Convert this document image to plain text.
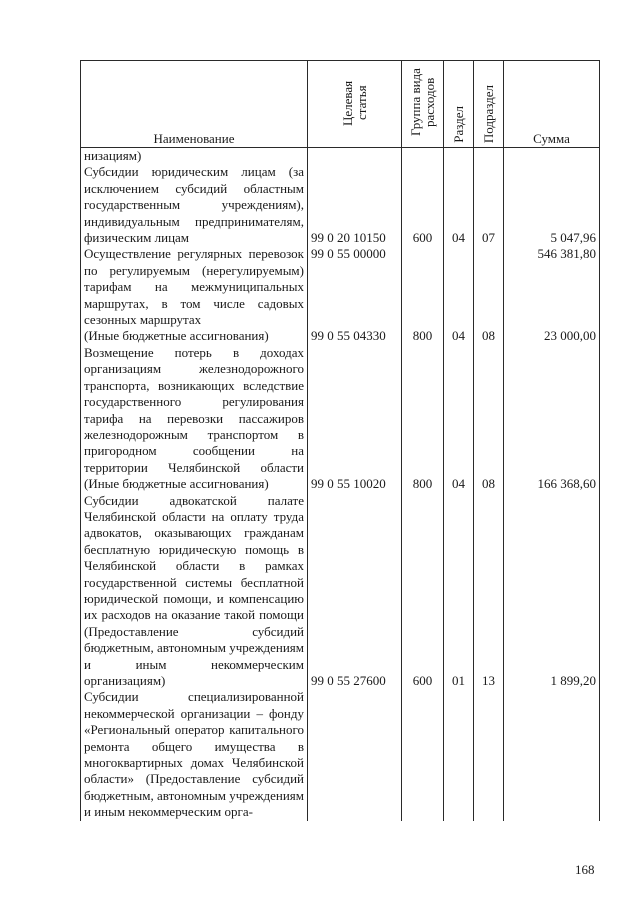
Наименование	Целевая статья	Группа вида расходов	Раздел	Подраздел	Сумма
низациям)
Субсидии юридическим лицам (за исключением субсидий областным государственным учреждениям), индивидуальным предпринимателям, физическим лицам	99 0 20 10150	600	04	07	5 047,96
Осуществление регулярных перевозок по регулируемым (нерегулируемым) тарифам на межмуниципальных маршрутах, в том числе садовых сезонных маршрутах	99 0 55 00000				546 381,80
(Иные бюджетные ассигнования)	99 0 55 04330	800	04	08	23 000,00
Возмещение потерь в доходах организациям железнодорожного транспорта, возникающих вследствие государственного регулирования тарифа на перевозки пассажиров железнодорожным транспортом в пригородном сообщении на территории Челябинской области (Иные бюджетные ассигнования)	99 0 55 10020	800	04	08	166 368,60
Субсидии адвокатской палате Челябинской области на оплату труда адвокатов, оказывающих гражданам бесплатную юридическую помощь в Челябинской области в рамках государственной системы бесплатной юридической помощи, и компенсацию их расходов на оказание такой помощи (Предоставление субсидий бюджетным, автономным учреждениям и иным некоммерческим организациям)	99 0 55 27600	600	01	13	1 899,20
Субсидии специализированной некоммерческой организации – фонду «Региональный оператор капитального ремонта общего имущества в многоквартирных домах Челябинской области» (Предоставление субсидий бюджетным, автономным учреждениям и иным некоммерческим орга-					
168
